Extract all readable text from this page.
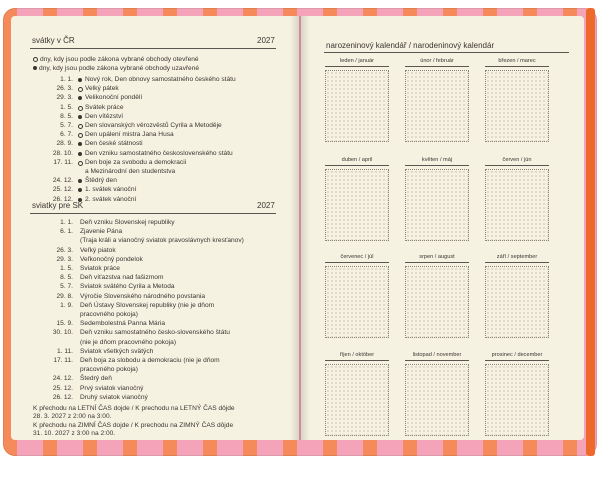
svátky v ČR	2027
dny, kdy jsou podle zákona vybrané obchody otevřené
dny, kdy jsou podle zákona vybrané obchody uzavřené
1. 1. Nový rok, Den obnovy samostatného českého státu
26. 3. Velký pátek
29. 3. Velikonoční pondělí
1. 5. Svátek práce
8. 5. Den vítězství
5. 7. Den slovanských věrozvěstů Cyrila a Metoděje
6. 7. Den upálení mistra Jana Husa
28. 9. Den české státnosti
28. 10. Den vzniku samostatného československého státu
17. 11. Den boje za svobodu a demokracii
a Mezinárodní den studentstva
24. 12. Štědrý den
25. 12. 1. svátek vánoční
26. 12. 2. svátek vánoční
sviatky pre SK	2027
1. 1. Deň vzniku Slovenskej republiky
6. 1. Zjavenie Pána
(Traja králi a vianočný sviatok pravoslávnych kresťanov)
26. 3. Veľký piatok
29. 3. Veľkonočný pondelok
1. 5. Sviatok práce
8. 5. Deň víťazstva nad fašizmom
5. 7. Sviatok svätého Cyrila a Metoda
29. 8. Výročie Slovenského národného povstania
1. 9. Deň Ústavy Slovenskej republiky (nie je dňom
pracovného pokoja)
15. 9. Sedembolestná Panna Mária
30. 10. Deň vzniku samostatného česko-slovenského štátu
(nie je dňom pracovného pokoja)
1. 11. Sviatok všetkých svätých
17. 11. Deň boja za slobodu a demokraciu (nie je dňom
pracovného pokoja)
24. 12. Štedrý deň
25. 12. Prvý sviatok vianočný
26. 12. Druhý sviatok vianočný
K přechodu na LETNÍ ČAS dojde / K prechodu na LETNÝ ČAS dôjde
28. 3. 2027 z 2:00 na 3:00.
K přechodu na ZIMNÍ ČAS dojde / K prechodu na ZIMNÝ ČAS dôjde
31. 10. 2027 z 3:00 na 2:00.
narozeninový kalendář / narodeninový kalendár
leden / január	únor / február	březen / marec
duben / april	květen / máj	červen / jún
červenec / júl	srpen / august	září / september
říjen / október	listopad / november	prosinec / december
